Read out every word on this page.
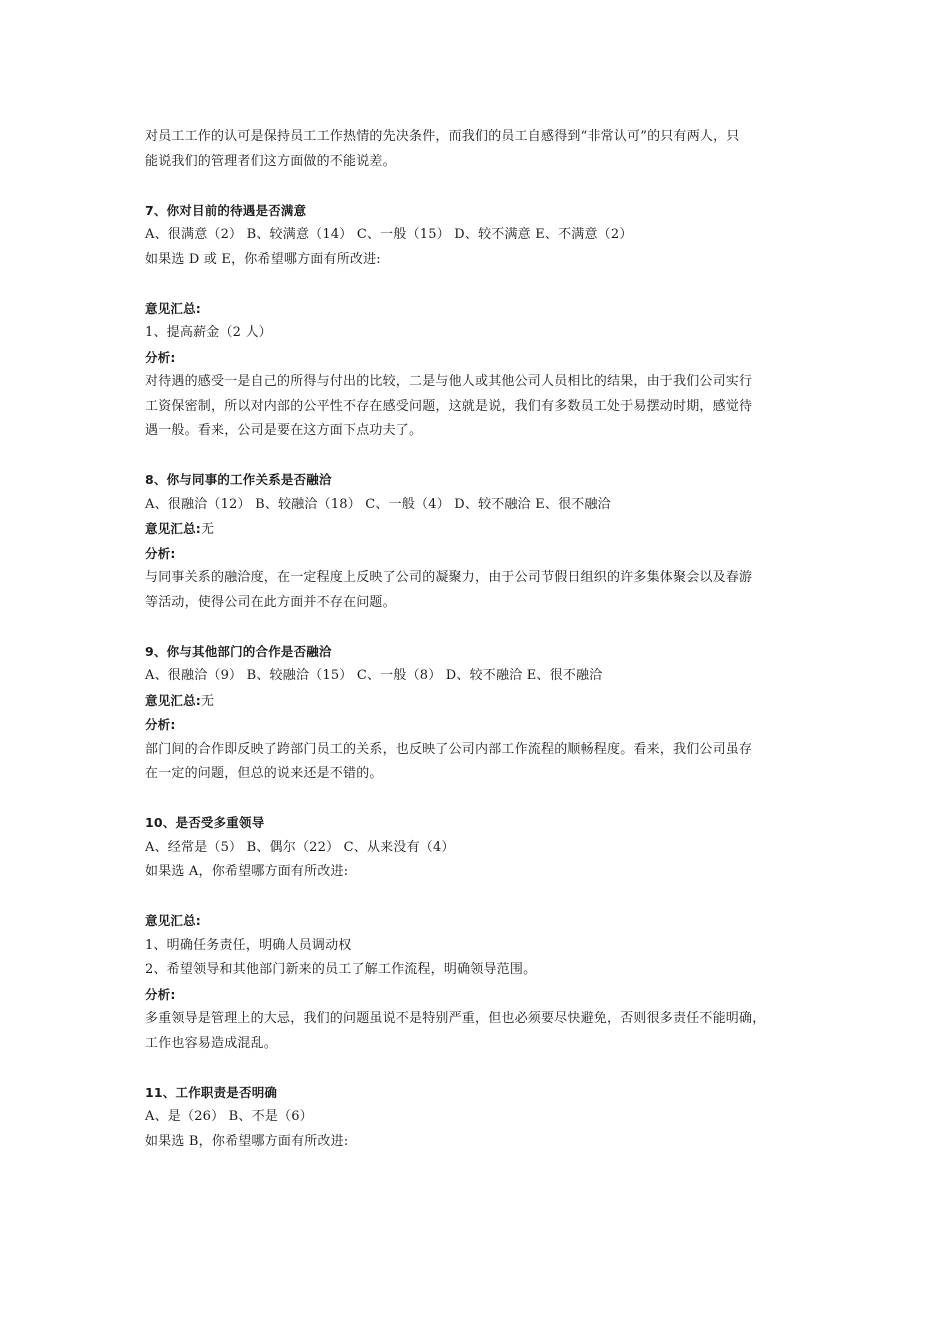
对员工工作的认可是保持员工工作热情的先决条件，而我们的员工自感得到“非常认可”的只有两人，只
能说我们的管理者们这方面做的不能说差。
7、你对目前的待遇是否满意
A、很满意（2） B、较满意（14） C、一般（15） D、较不满意 E、不满意（2）
如果选 D 或 E，你希望哪方面有所改进:
意见汇总:
1、提高薪金（2 人）
分析:
对待遇的感受一是自己的所得与付出的比较，二是与他人或其他公司人员相比的结果，由于我们公司实行
工资保密制，所以对内部的公平性不存在感受问题，这就是说，我们有多数员工处于易摆动时期，感觉待
遇一般。看来，公司是要在这方面下点功夫了。
8、你与同事的工作关系是否融洽
A、很融洽（12） B、较融洽（18） C、一般（4） D、较不融洽 E、很不融洽
意见汇总:无
分析:
与同事关系的融洽度，在一定程度上反映了公司的凝聚力，由于公司节假日组织的许多集体聚会以及春游
等活动，使得公司在此方面并不存在问题。
9、你与其他部门的合作是否融洽
A、很融洽（9） B、较融洽（15） C、一般（8） D、较不融洽 E、很不融洽
意见汇总:无
分析:
部门间的合作即反映了跨部门员工的关系，也反映了公司内部工作流程的顺畅程度。看来，我们公司虽存
在一定的问题，但总的说来还是不错的。
10、是否受多重领导
A、经常是（5） B、偶尔（22） C、从来没有（4）
如果选 A，你希望哪方面有所改进:
意见汇总:
1、明确任务责任，明确人员调动权
2、希望领导和其他部门新来的员工了解工作流程，明确领导范围。
分析:
多重领导是管理上的大忌，我们的问题虽说不是特别严重，但也必须要尽快避免，否则很多责任不能明确，
工作也容易造成混乱。
11、工作职责是否明确
A、是（26） B、不是（6）
如果选 B，你希望哪方面有所改进:
